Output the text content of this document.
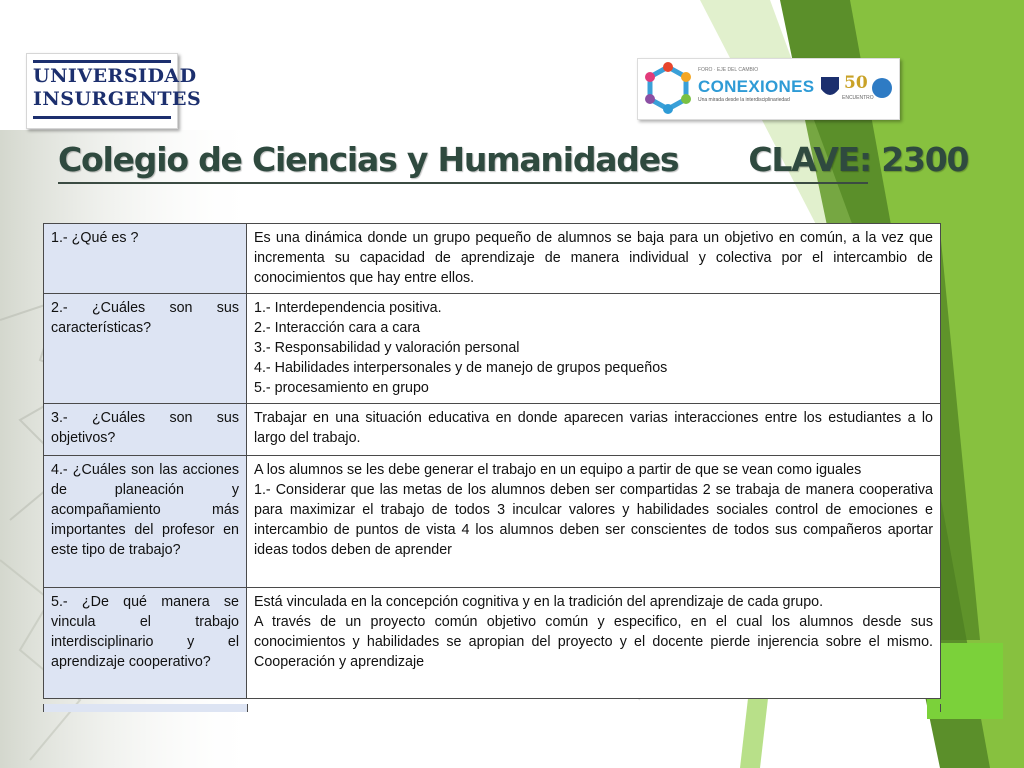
UNIVERSIDAD
INSURGENTES
FORO · EJE DEL CAMBIO
CONEXIONES
Una mirada desde la interdisciplinariedad
50
ENCUENTRO
Colegio de Ciencias y Humanidades CLAVE: 2300
1.- ¿Qué es ?	Es una dinámica donde un grupo pequeño de alumnos se baja para un objetivo en común, a la vez que incrementa su capacidad de aprendizaje de manera individual y colectiva por el intercambio de conocimientos que hay entre ellos.
2.- ¿Cuáles son sus características?	1.- Interdependencia positiva.
2.- Interacción cara a cara
3.- Responsabilidad y valoración personal
4.- Habilidades interpersonales y de manejo de grupos pequeños
5.- procesamiento en grupo

3.- ¿Cuáles son sus objetivos?	Trabajar en una situación educativa en donde aparecen varias interacciones entre los estudiantes a lo largo del trabajo.
4.- ¿Cuáles son las acciones de planeación y acompañamiento más importantes del profesor en este tipo de trabajo?	A los alumnos se les debe generar el trabajo en un equipo a partir de que se vean como iguales
1.- Considerar que las metas de los alumnos deben ser compartidas 2 se trabaja de manera cooperativa para maximizar el trabajo de todos 3 inculcar valores y habilidades sociales control de emociones e intercambio de puntos de vista 4 los alumnos deben ser conscientes de todos sus compañeros aportar ideas todos deben de aprender

5.- ¿De qué manera se vincula el trabajo interdisciplinario y el aprendizaje cooperativo?	Está vinculada en la concepción cognitiva y en la tradición del aprendizaje de cada grupo.
A través de un proyecto común objetivo común y especifico, en el cual los alumnos desde sus conocimientos y habilidades se apropian del proyecto y el docente pierde injerencia sobre el mismo. Cooperación y aprendizaje
